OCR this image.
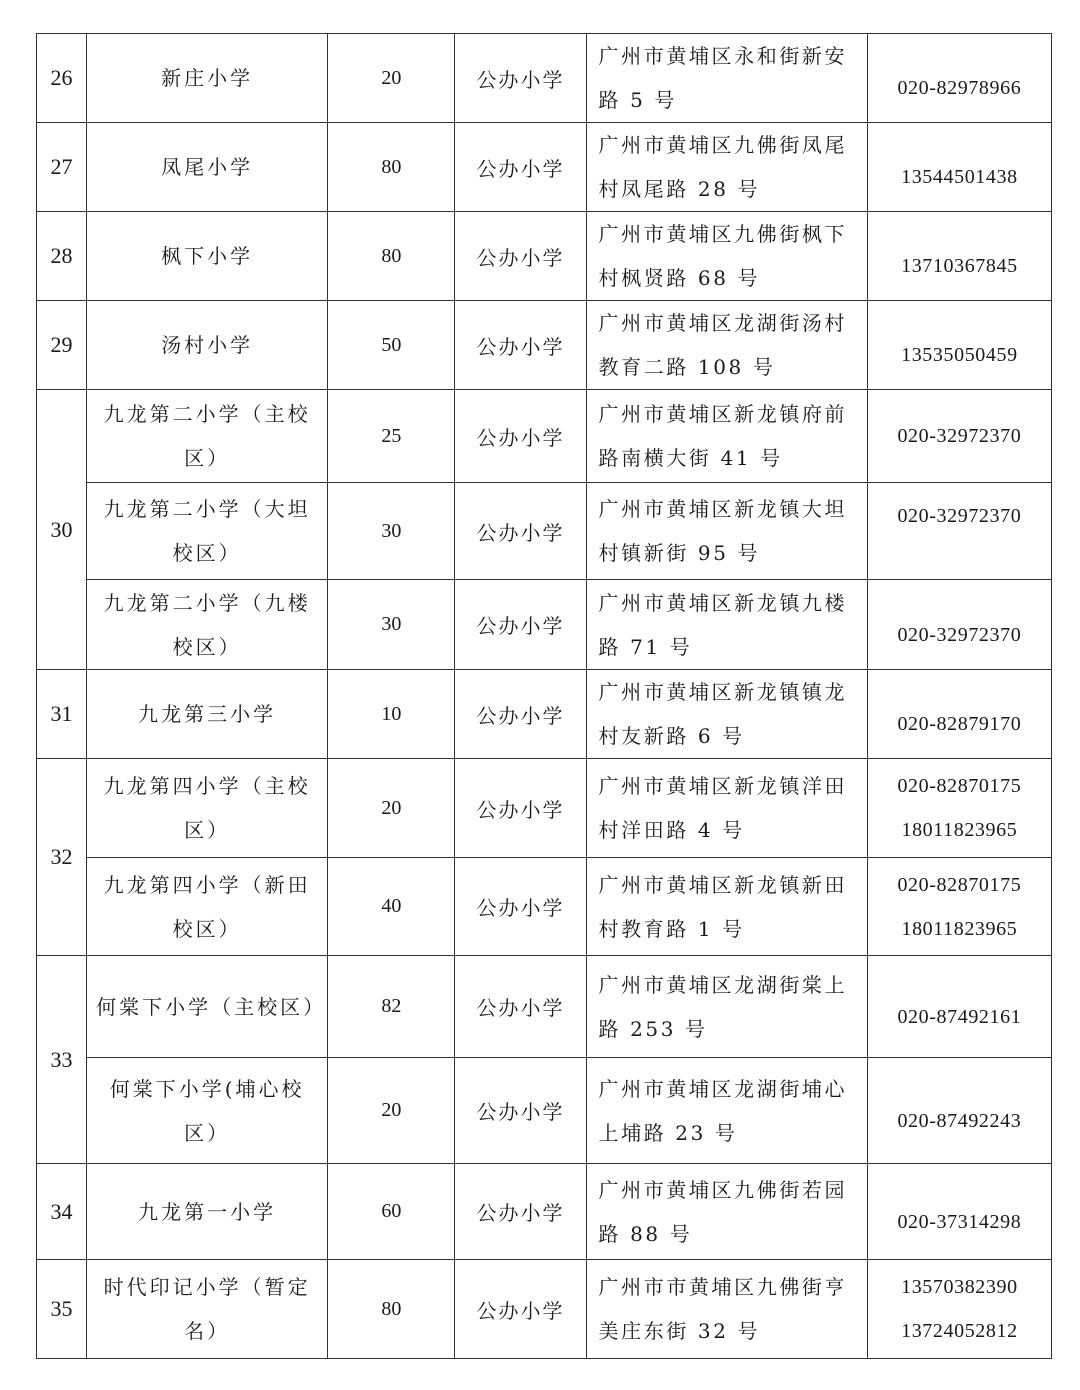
26	新庄小学	20	公办小学	广州市黄埔区永和街新安路 5 号	020-82978966

27	凤尾小学	80	公办小学	广州市黄埔区九佛街凤尾村凤尾路 28 号	13544501438

28	枫下小学	80	公办小学	广州市黄埔区九佛街枫下村枫贤路 68 号	13710367845

29	汤村小学	50	公办小学	广州市黄埔区龙湖街汤村教育二路 108 号	13535050459

30	九龙第二小学（主校区）	25	公办小学	广州市黄埔区新龙镇府前路南横大街 41 号	020-32972370

	九龙第二小学（大坦校区）	30	公办小学	广州市黄埔区新龙镇大坦村镇新街 95 号	020-32972370

	九龙第二小学（九楼校区）	30	公办小学	广州市黄埔区新龙镇九楼路 71 号	020-32972370

31	九龙第三小学	10	公办小学	广州市黄埔区新龙镇镇龙村友新路 6 号	020-82879170

32	九龙第四小学（主校区）	20	公办小学	广州市黄埔区新龙镇洋田村洋田路 4 号	020-82870175
18011823965

	九龙第四小学（新田校区）	40	公办小学	广州市黄埔区新龙镇新田村教育路 1 号	020-82870175
18011823965

33	何棠下小学（主校区）	82	公办小学	广州市黄埔区龙湖街棠上路 253 号	020-87492161

	何棠下小学(埔心校区）	20	公办小学	广州市黄埔区龙湖街埔心上埔路 23 号	020-87492243

34	九龙第一小学	60	公办小学	广州市黄埔区九佛街若园路 88 号	020-37314298

35	时代印记小学（暂定名）	80	公办小学	广州市市黄埔区九佛街亨美庄东街 32 号	13570382390
13724052812
